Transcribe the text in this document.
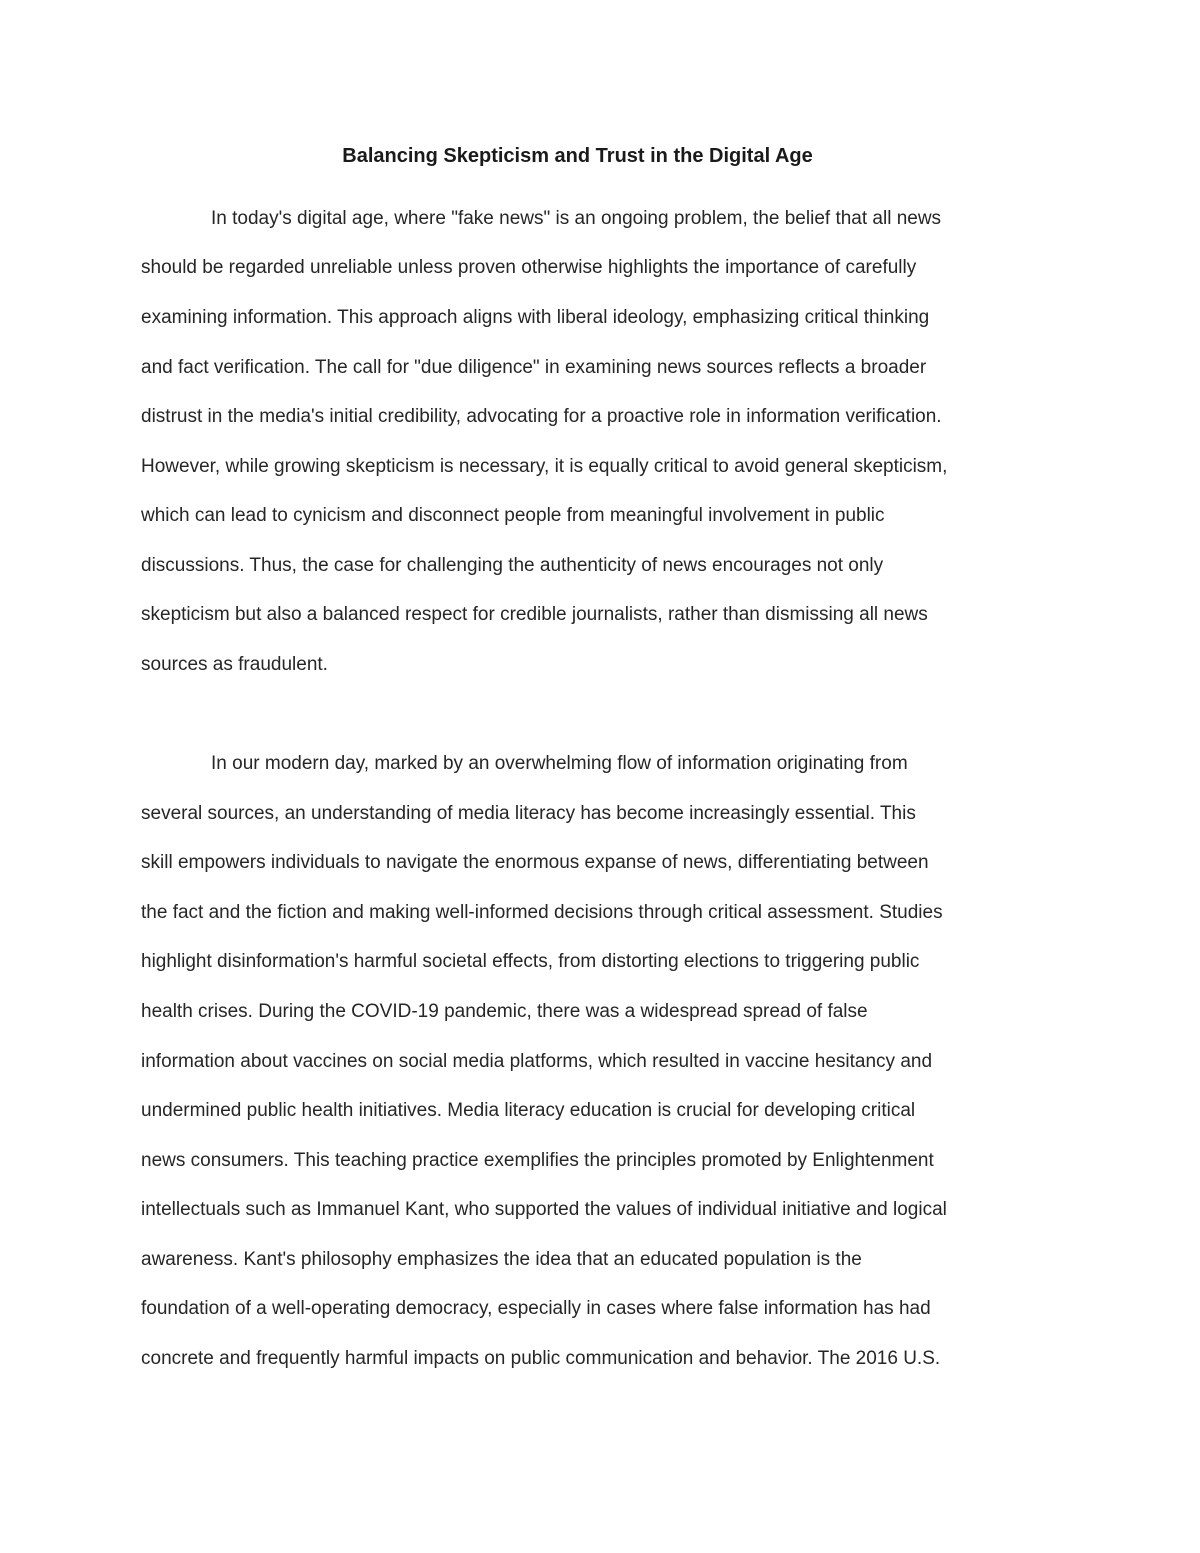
Balancing Skepticism and Trust in the Digital Age

In today's digital age, where "fake news" is an ongoing problem, the belief that all news

should be regarded unreliable unless proven otherwise highlights the importance of carefully

examining information. This approach aligns with liberal ideology, emphasizing critical thinking

and fact verification. The call for "due diligence" in examining news sources reflects a broader

distrust in the media's initial credibility, advocating for a proactive role in information verification.

However, while growing skepticism is necessary, it is equally critical to avoid general skepticism,

which can lead to cynicism and disconnect people from meaningful involvement in public

discussions. Thus, the case for challenging the authenticity of news encourages not only

skepticism but also a balanced respect for credible journalists, rather than dismissing all news

sources as fraudulent.

In our modern day, marked by an overwhelming flow of information originating from

several sources, an understanding of media literacy has become increasingly essential. This

skill empowers individuals to navigate the enormous expanse of news, differentiating between

the fact and the fiction and making well-informed decisions through critical assessment. Studies

highlight disinformation's harmful societal effects, from distorting elections to triggering public

health crises. During the COVID-19 pandemic, there was a widespread spread of false

information about vaccines on social media platforms, which resulted in vaccine hesitancy and

undermined public health initiatives. Media literacy education is crucial for developing critical

news consumers. This teaching practice exemplifies the principles promoted by Enlightenment

intellectuals such as Immanuel Kant, who supported the values of individual initiative and logical

awareness. Kant's philosophy emphasizes the idea that an educated population is the

foundation of a well-operating democracy, especially in cases where false information has had

concrete and frequently harmful impacts on public communication and behavior. The 2016 U.S.
